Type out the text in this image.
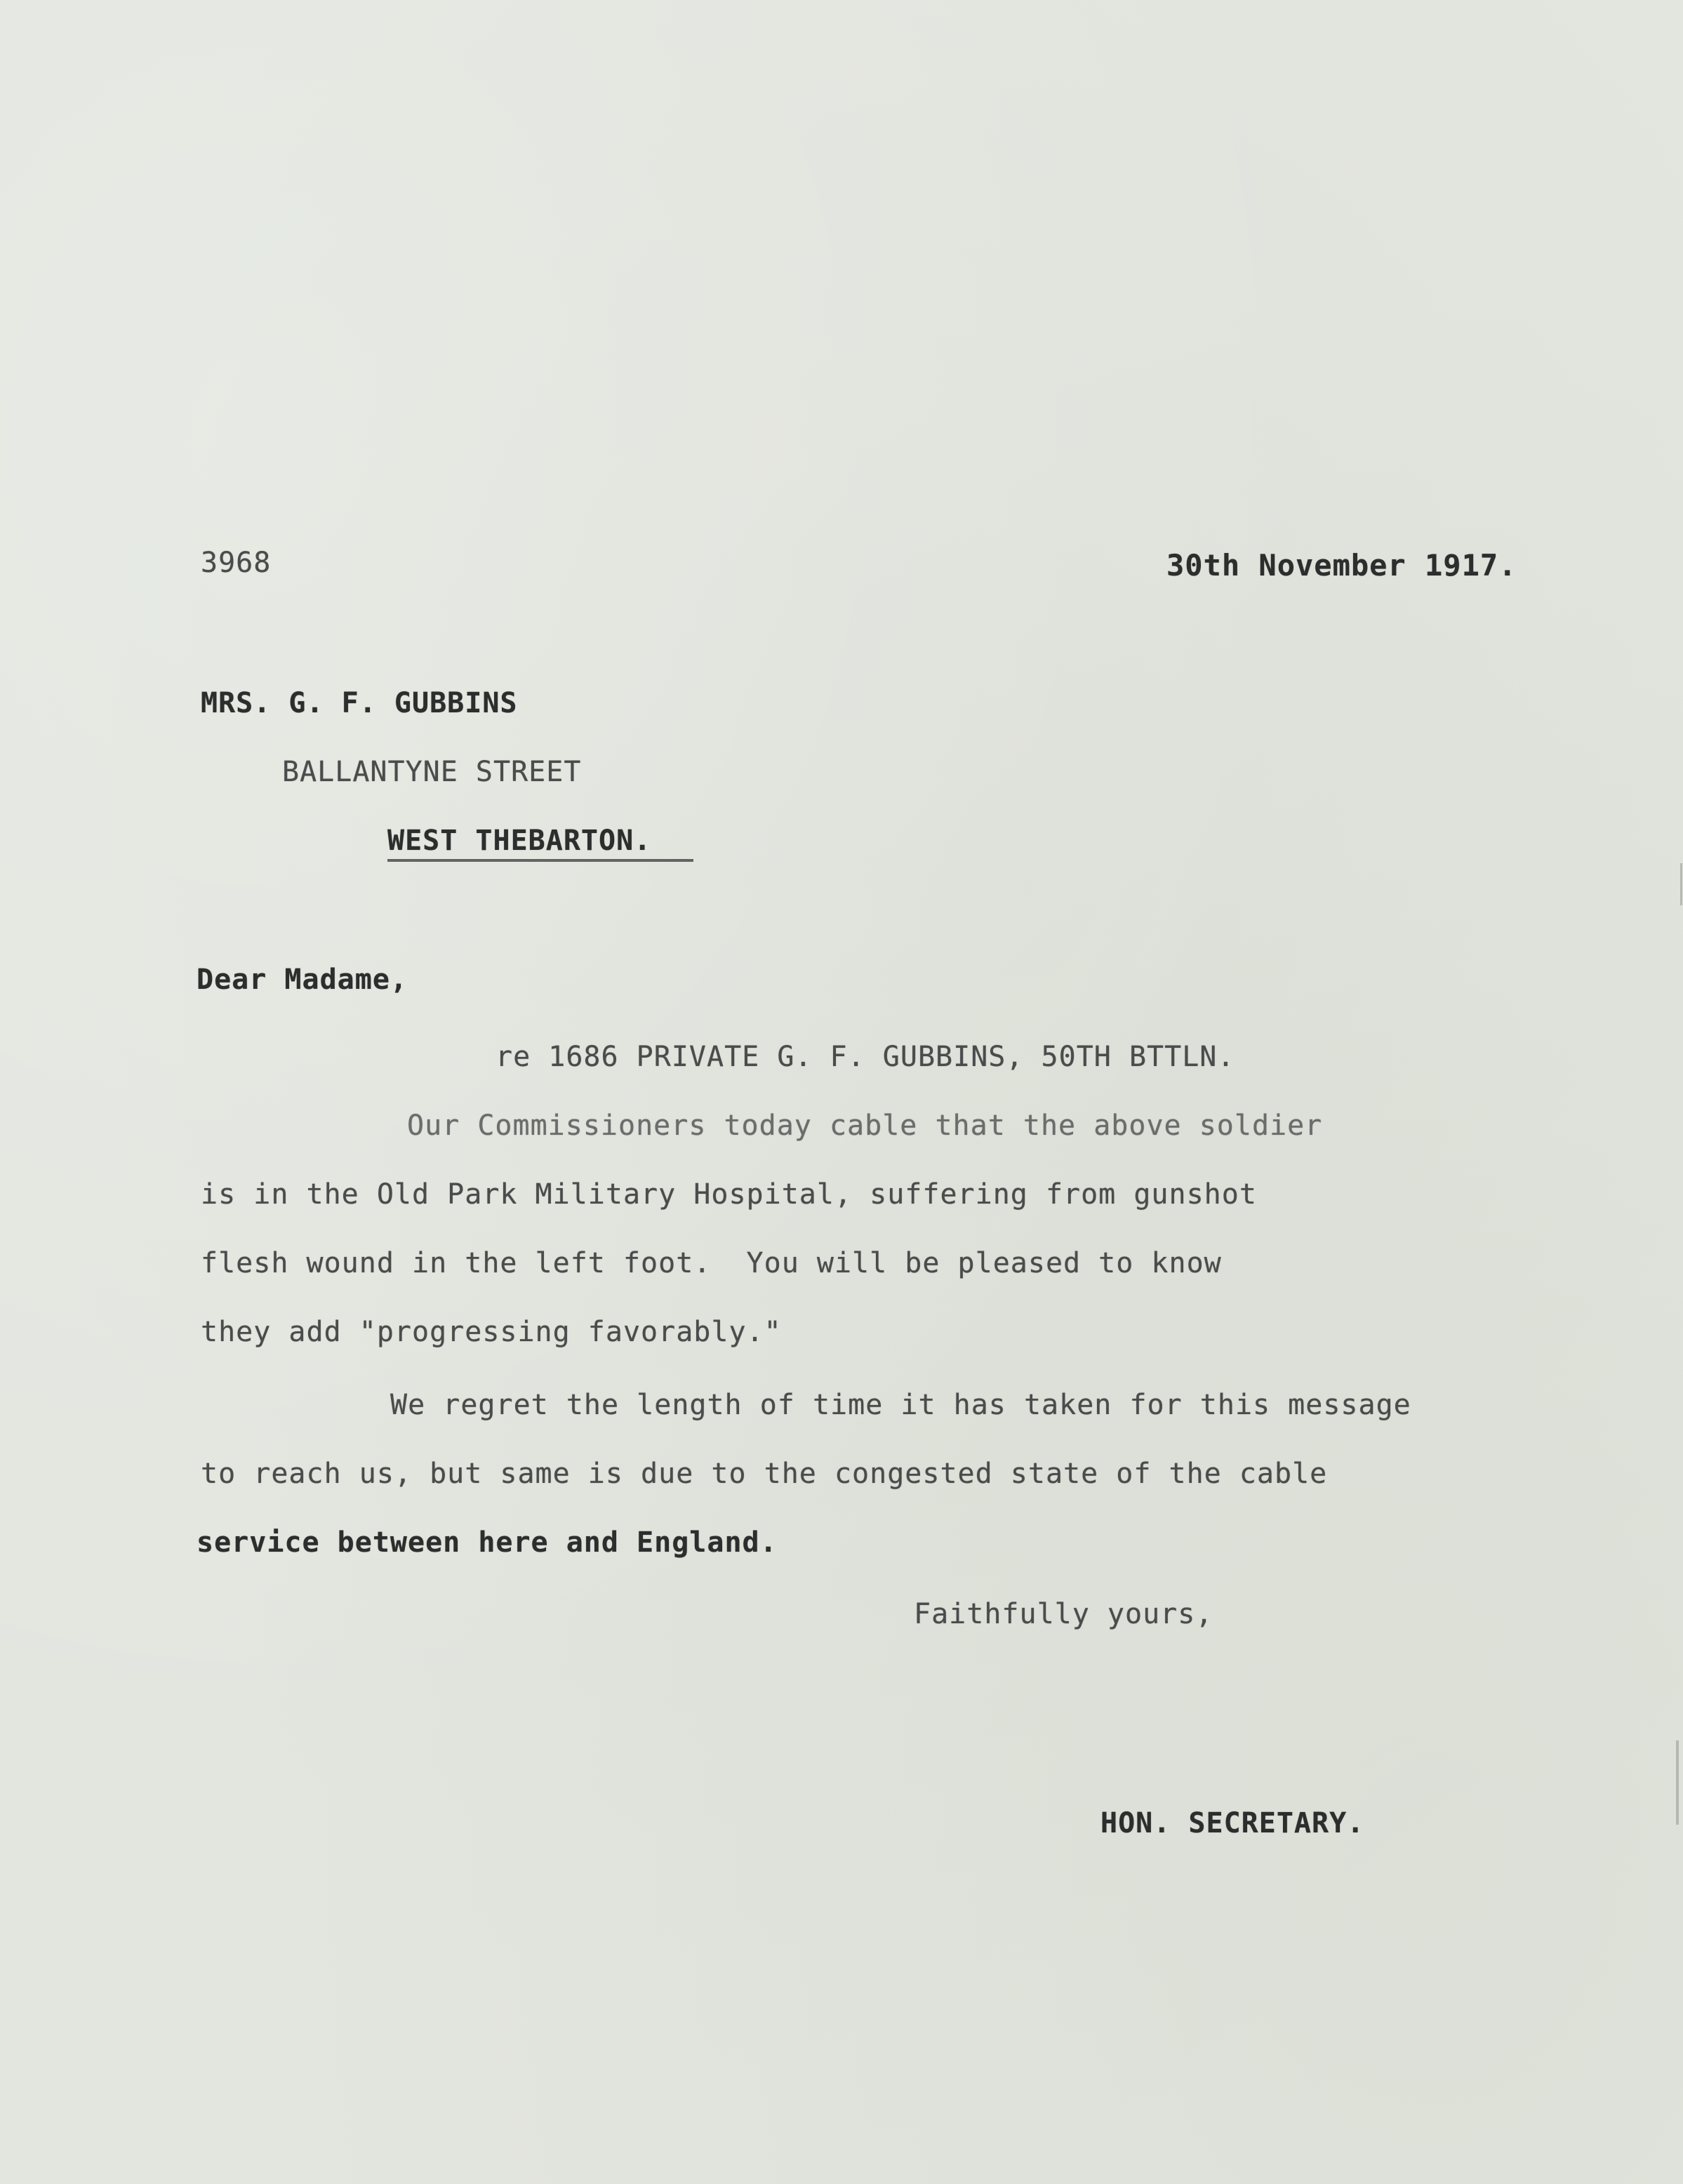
3968	30th November 1917.
MRS. G. F. GUBBINS
BALLANTYNE STREET
WEST THEBARTON.
Dear Madame,
re 1686 PRIVATE G. F. GUBBINS, 50TH BTTLN.
Our Commissioners today cable that the above soldier
is in the Old Park Military Hospital, suffering from gunshot
flesh wound in the left foot.  You will be pleased to know
they add "progressing favorably."
We regret the length of time it has taken for this message
to reach us, but same is due to the congested state of the cable
service between here and England.
Faithfully yours,
HON. SECRETARY.
